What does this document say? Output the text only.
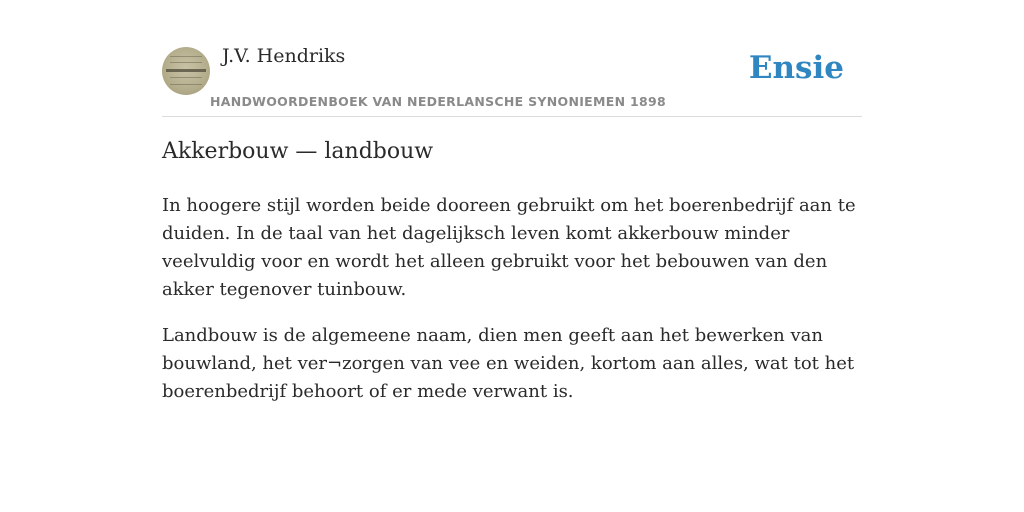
J.V. Hendriks
HANDWOORDENBOEK VAN NEDERLANSCHE SYNONIEMEN 1898
Ensie
Akkerbouw — landbouw

In hoogere stijl worden beide dooreen gebruikt om het boerenbedrijf aan te duiden. In de taal van het dagelijksch leven komt akkerbouw minder veelvuldig voor en wordt het alleen gebruikt voor het bebouwen van den akker tegenover tuinbouw.

Landbouw is de algemeene naam, dien men geeft aan het bewerken van bouwland, het ver¬zorgen van vee en weiden, kortom aan alles, wat tot het boerenbedrijf behoort of er mede verwant is.
